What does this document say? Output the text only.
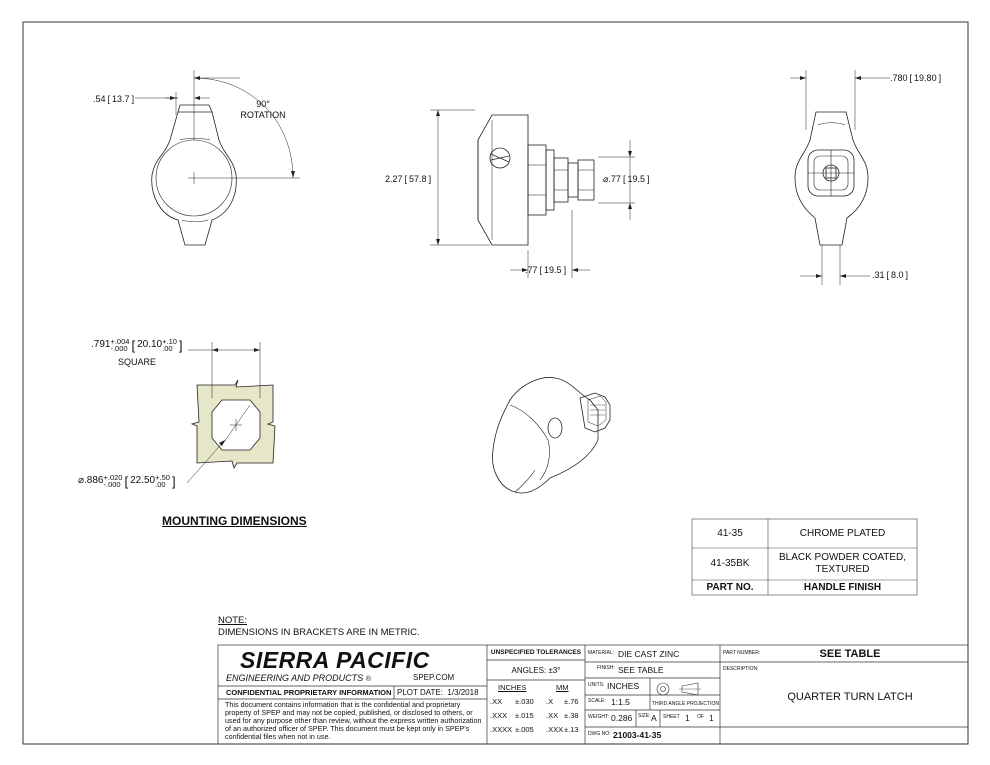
.54 [ 13.7 ]	90°
ROTATION
2.27 [ 57.8 ]	⌀.77 [ 19.5 ]
.77 [ 19.5 ]
.780 [ 19.80 ]
.31 [ 8.0 ]
.791 +.004
-.000 [ 20.10 +.10
.00 ]
SQUARE
⌀.886 +.020
-.000 [ 22.50 +.50
.00 ]
MOUNTING DIMENSIONS
41-35	CHROME PLATED
41-35BK
BLACK POWDER COATED, TEXTURED
PART NO.	HANDLE FINISH
NOTE:
DIMENSIONS IN BRACKETS ARE IN METRIC.
SIERRA PACIFIC
ENGINEERING AND PRODUCTS ®	SPEP.COM
CONFIDENTIAL PROPRIETARY INFORMATION PLOT DATE: 1/3/2018
This document contains information that is the confidential and proprietary property of SPEP and may not be copied, published, or disclosed to others, or used for any purpose other than review, without the express written authorization of an authorized officer of SPEP. This document must be kept only in SPEP's confidential files when not in use.
UNSPECIFIED TOLERANCES
ANGLES: ±3°
INCHES	MM
.XX ±.030 .X ±.76
.XXX ±.015 .XX ±.38
.XXXX ±.005 .XXX ±.13
MATERIAL: DIE CAST ZINC
FINISH: SEE TABLE
UNITS: INCHES
SCALE: 1:1.5	THIRD ANGLE PROJECTION
WEIGHT: 0.286 SIZE: A SHEET 1 OF 1
DWG NO: 21003-41-35
PART NUMBER:	SEE TABLE
DESCRIPTION:
QUARTER TURN LATCH
